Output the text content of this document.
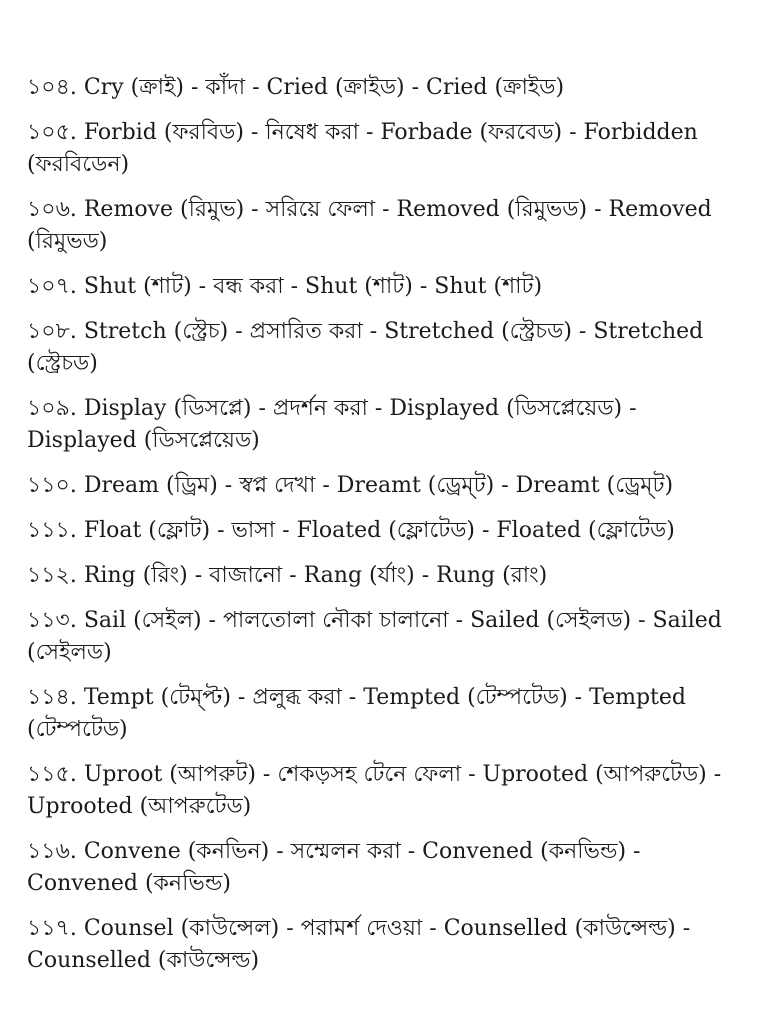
১০৪. Cry (ক্রাই) - কাঁদা - Cried (ক্রাইড) - Cried (ক্রাইড)

১০৫. Forbid (ফরবিড) - নিষেধ করা - Forbade (ফরবেড) - Forbidden (ফরবিডেন)

১০৬. Remove (রিমুভ) - সরিয়ে ফেলা - Removed (রিমুভড) - Removed (রিমুভড)

১০৭. Shut (শাট) - বন্ধ করা - Shut (শাট) - Shut (শাট)

১০৮. Stretch (স্ট্রেচ) - প্রসারিত করা - Stretched (স্ট্রেচড) - Stretched (স্ট্রেচড)

১০৯. Display (ডিসপ্লে) - প্রদর্শন করা - Displayed (ডিসপ্লেয়েড) - Displayed (ডিসপ্লেয়েড)

১১০. Dream (ড্রিম) - স্বপ্ন দেখা - Dreamt (ড্রেম্ট) - Dreamt (ড্রেম্ট)

১১১. Float (ফ্লোট) - ভাসা - Floated (ফ্লোটেড) - Floated (ফ্লোটেড)

১১২. Ring (রিং) - বাজানো - Rang (র্যাং) - Rung (রাং)

১১৩. Sail (সেইল) - পালতোলা নৌকা চালানো - Sailed (সেইলড) - Sailed (সেইলড)

১১৪. Tempt (টেম্প্ট) - প্রলুব্ধ করা - Tempted (টেম্পটেড) - Tempted (টেম্পটেড)

১১৫. Uproot (আপরুট) - শেকড়সহ টেনে ফেলা - Uprooted (আপরুটেড) - Uprooted (আপরুটেড)

১১৬. Convene (কনভিন) - সম্মেলন করা - Convened (কনভিন্ড) - Convened (কনভিন্ড)

১১৭. Counsel (কাউন্সেল) - পরামর্শ দেওয়া - Counselled (কাউন্সেল্ড) - Counselled (কাউন্সেল্ড)
